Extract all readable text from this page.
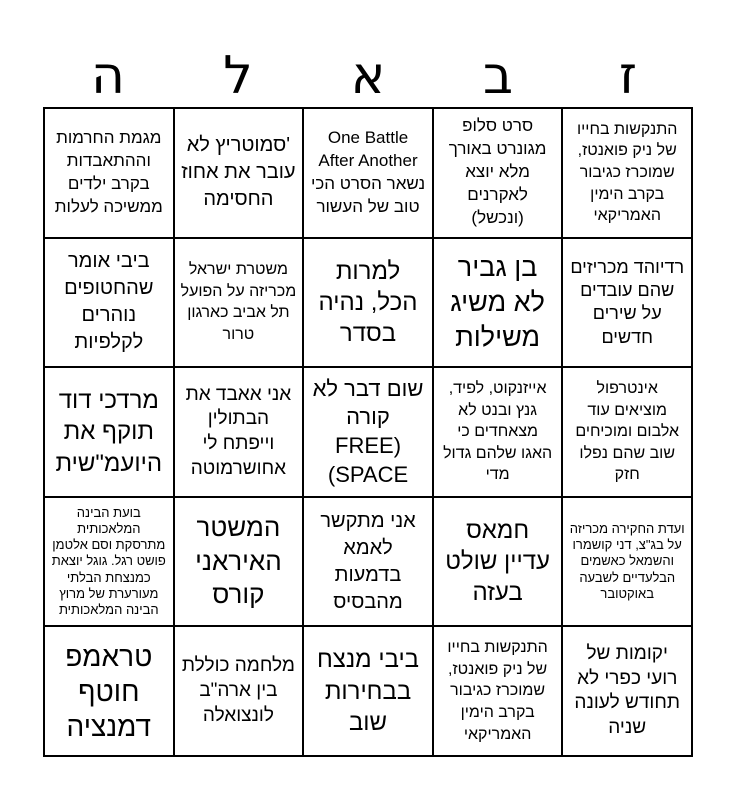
ז
ב
א
ל
ה
התנקשות בחייו של ניק פואנטז, שמוכרז כגיבור בקרב הימין האמריקאי
סרט סלופ מגונרט באורך מלא יוצא לאקרנים (ונכשל)
One Battle After Another נשאר הסרט הכי טוב של העשור
'סמוטריץ לא עובר את אחוז החסימה
מגמת החרמות וההתאבדות בקרב ילדים ממשיכה לעלות
רדיוהד מכריזים שהם עובדים על שירים חדשים
בן גביר לא משיג משילות
למרות הכל, נהיה בסדר
משטרת ישראל מכריזה על הפועל תל אביב כארגון טרור
ביבי אומר שהחטופים נוהרים לקלפיות
אינטרפול מוציאים עוד אלבום ומוכיחים שוב שהם נפלו חזק
אייזנקוט, לפיד, גנץ ובנט לא מצאחדים כי האגו שלהם גדול מדי
שום דבר לא קורה (FREE SPACE)
אני אאבד את הבתולין וייפתח לי אחושרמוטה
מרדכי דוד תוקף את היועמ"שית
ועדת החקירה מכריזה על בג"צ, דני קושמרו והשמאל כאשמים הבלעדיים לשבעה באוקטובר
חמאס עדיין שולט בעזה
אני מתקשר לאמא בדמעות מהבסיס
המשטר האיראני קורס
בועת הבינה המלאכותית מתרסקת וסם אלטמן פושט רגל. גוגל יוצאת כמנצחת הבלתי מעורערת של מרוץ הבינה המלאכותית
יקומות של רועי כפרי לא תחודש לעונה שניה
התנקשות בחייו של ניק פואנטז, שמוכרז כגיבור בקרב הימין האמריקאי
ביבי מנצח בבחירות שוב
מלחמה כוללת בין ארה"ב לונצואלה
טראמפ חוטף דמנציה
